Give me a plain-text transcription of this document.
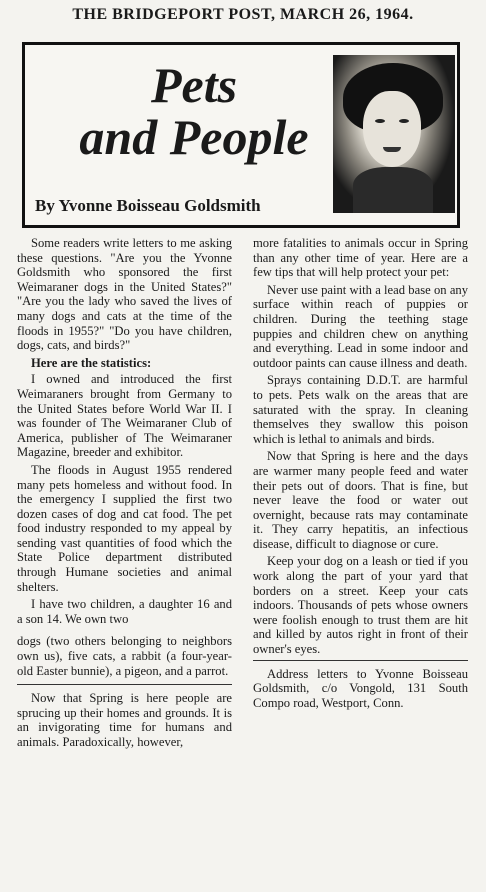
THE BRIDGEPORT POST, MARCH 26, 1964.
Pets
and People
By Yvonne Boisseau Goldsmith

Some readers write letters to me asking these questions. "Are you the Yvonne Goldsmith who sponsored the first Weimaraner dogs in the United States?" "Are you the lady who saved the lives of many dogs and cats at the time of the floods in 1955?" "Do you have children, dogs, cats, and birds?"

Here are the statistics:

I owned and introduced the first Weimaraners brought from Germany to the United States before World War II. I was founder of The Weimaraner Club of America, publisher of The Weimaraner Magazine, breeder and exhibitor.

The floods in August 1955 rendered many pets homeless and without food. In the emergency I supplied the first two dozen cases of dog and cat food. The pet food industry responded to my appeal by sending vast quantities of food which the State Police department distributed through Humane societies and animal shelters.

I have two children, a daughter 16 and a son 14. We own two

dogs (two others belonging to neighbors own us), five cats, a rabbit (a four-year-old Easter bunnie), a pigeon, and a parrot.

Now that Spring is here people are sprucing up their homes and grounds. It is an invigorating time for humans and animals. Paradoxically, however,

more fatalities to animals occur in Spring than any other time of year. Here are a few tips that will help protect your pet:

Never use paint with a lead base on any surface within reach of puppies or children. During the teething stage puppies and children chew on anything and everything. Lead in some indoor and outdoor paints can cause illness and death.

Sprays containing D.D.T. are harmful to pets. Pets walk on the areas that are saturated with the spray. In cleaning themselves they swallow this poison which is lethal to animals and birds.

Now that Spring is here and the days are warmer many people feed and water their pets out of doors. That is fine, but never leave the food or water out overnight, because rats may contaminate it. They carry hepatitis, an infectious disease, difficult to diagnose or cure.

Keep your dog on a leash or tied if you work along the part of your yard that borders on a street. Keep your cats indoors. Thousands of pets whose owners were foolish enough to trust them are hit and killed by autos right in front of their owner's eyes.

Address letters to Yvonne Boisseau Goldsmith, c/o Vongold, 131 South Compo road, Westport, Conn.
